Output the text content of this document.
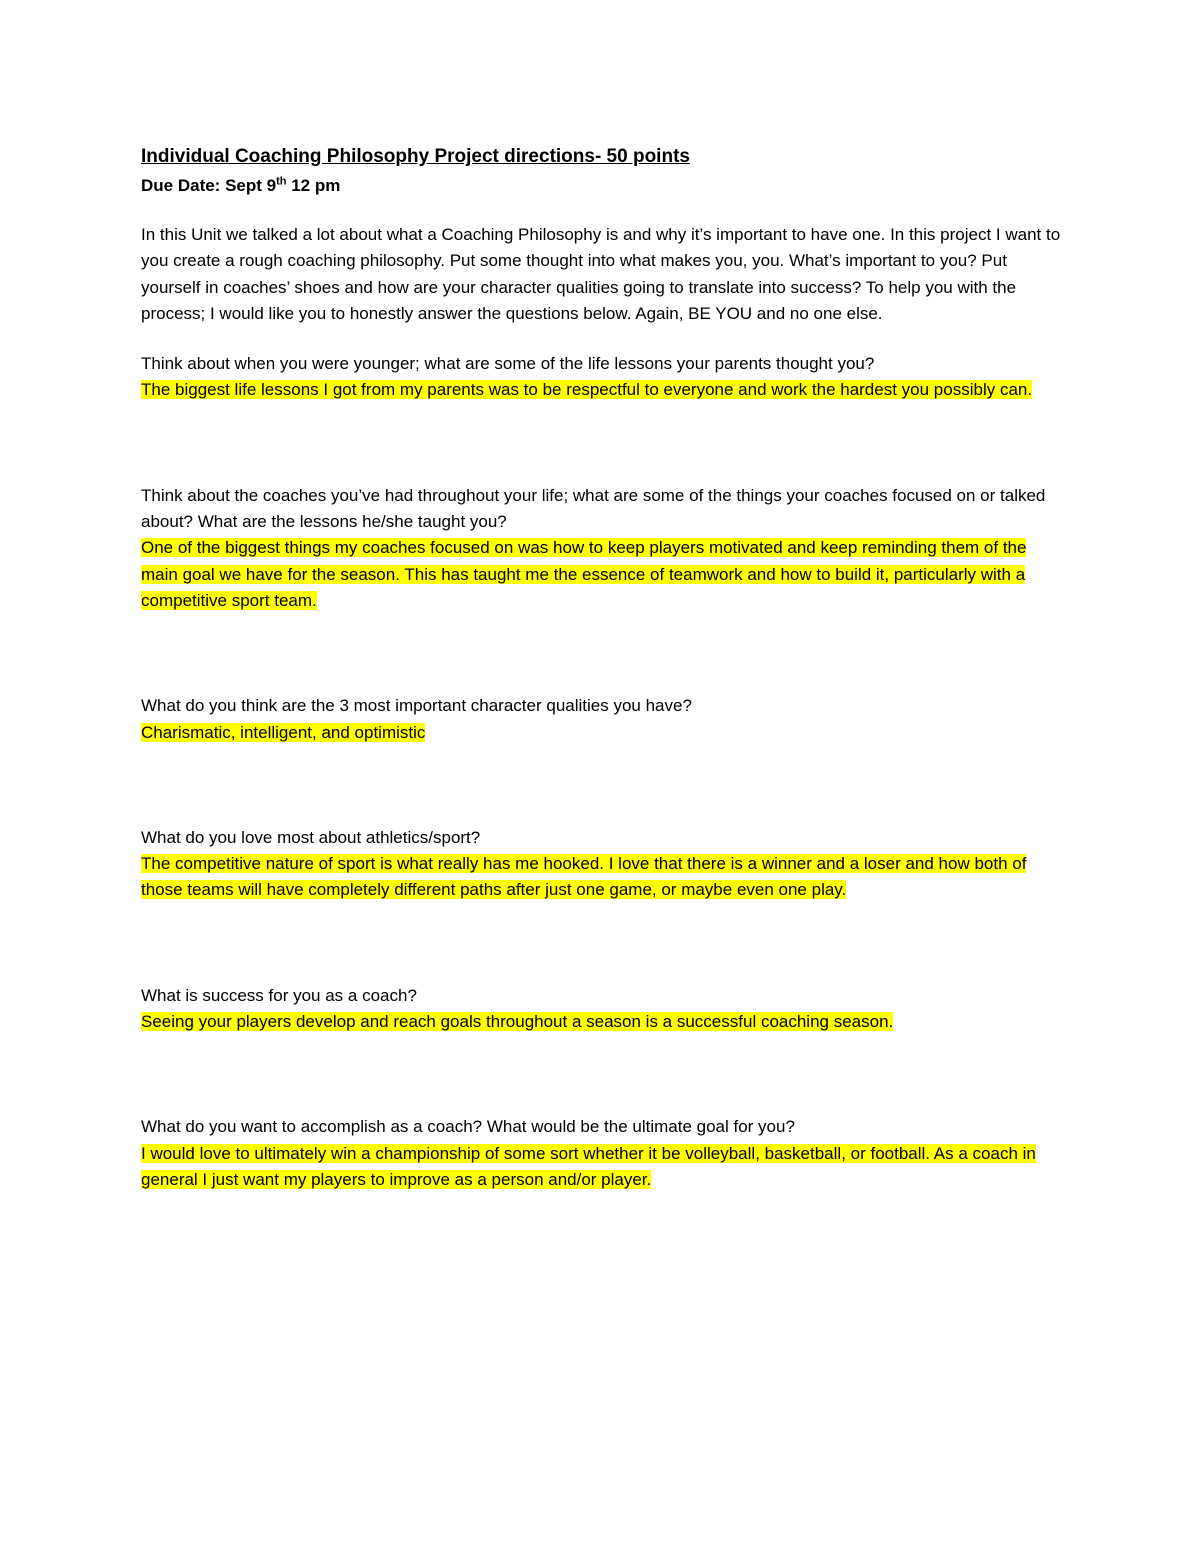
Individual Coaching Philosophy Project directions- 50 points

Due Date: Sept 9th 12 pm

In this Unit we talked a lot about what a Coaching Philosophy is and why it’s important to have one. In this project I want to you create a rough coaching philosophy. Put some thought into what makes you, you. What’s important to you? Put yourself in coaches’ shoes and how are your character qualities going to translate into success? To help you with the process; I would like you to honestly answer the questions below. Again, BE YOU and no one else.

Think about when you were younger; what are some of the life lessons your parents thought you?

The biggest life lessons I got from my parents was to be respectful to everyone and work the hardest you possibly can.

Think about the coaches you’ve had throughout your life; what are some of the things your coaches focused on or talked about? What are the lessons he/she taught you?

One of the biggest things my coaches focused on was how to keep players motivated and keep reminding them of the main goal we have for the season. This has taught me the essence of teamwork and how to build it, particularly with a competitive sport team.

What do you think are the 3 most important character qualities you have?

Charismatic, intelligent, and optimistic

What do you love most about athletics/sport?

The competitive nature of sport is what really has me hooked. I love that there is a winner and a loser and how both of those teams will have completely different paths after just one game, or maybe even one play.

What is success for you as a coach?

Seeing your players develop and reach goals throughout a season is a successful coaching season.

What do you want to accomplish as a coach? What would be the ultimate goal for you?

I would love to ultimately win a championship of some sort whether it be volleyball, basketball, or football. As a coach in general I just want my players to improve as a person and/or player.
